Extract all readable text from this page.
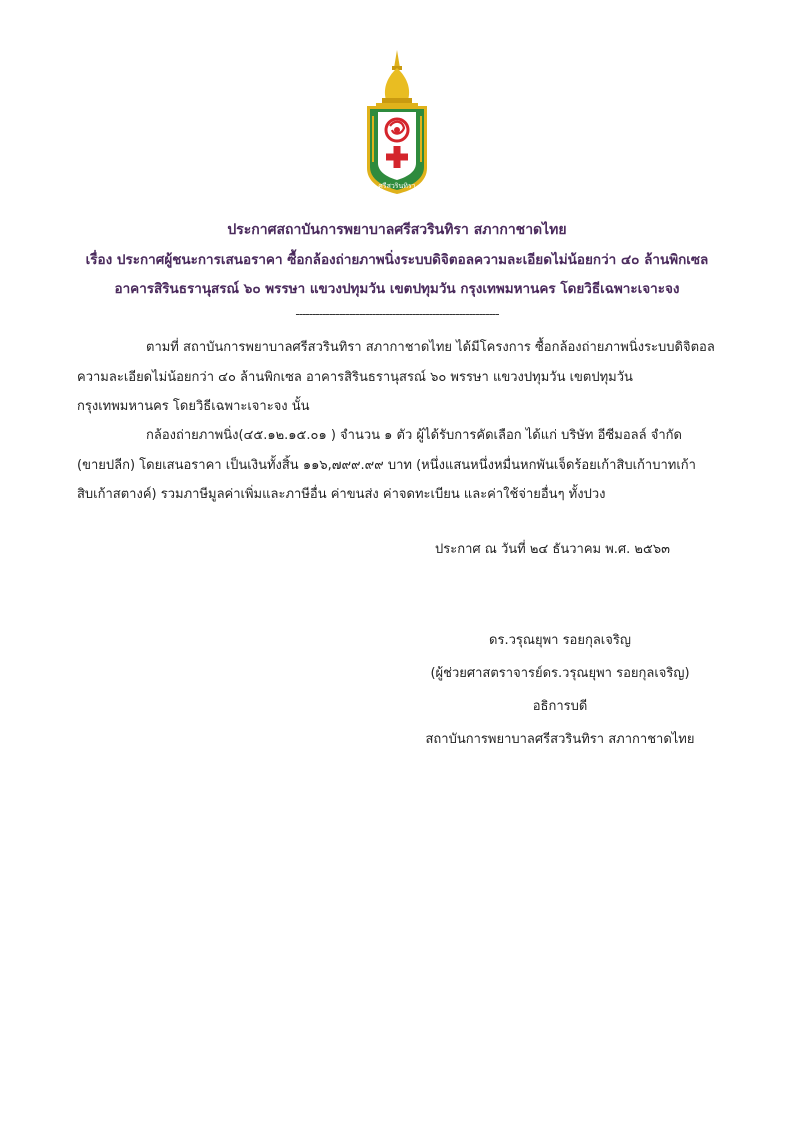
ศรีสวรินทิรา
ประกาศสถาบันการพยาบาลศรีสวรินทิรา สภากาชาดไทย
เรื่อง ประกาศผู้ชนะการเสนอราคา ซื้อกล้องถ่ายภาพนิ่งระบบดิจิตอลความละเอียดไม่น้อยกว่า ๔๐ ล้านพิกเซล
อาคารสิรินธรานุสรณ์ ๖๐ พรรษา แขวงปทุมวัน เขตปทุมวัน กรุงเทพมหานคร โดยวิธีเฉพาะเจาะจง
-------------------------------------------------------------
ตามที่ สถาบันการพยาบาลศรีสวรินทิรา สภากาชาดไทย ได้มีโครงการ ซื้อกล้องถ่ายภาพนิ่งระบบดิจิตอล
ความละเอียดไม่น้อยกว่า ๔๐ ล้านพิกเซล อาคารสิรินธรานุสรณ์ ๖๐ พรรษา แขวงปทุมวัน เขตปทุมวัน
กรุงเทพมหานคร โดยวิธีเฉพาะเจาะจง นั้น
กล้องถ่ายภาพนิ่ง(๔๕.๑๒.๑๕.๐๑ ) จำนวน ๑ ตัว ผู้ได้รับการคัดเลือก ได้แก่ บริษัท อีซีมอลล์ จำกัด
(ขายปลีก) โดยเสนอราคา เป็นเงินทั้งสิ้น ๑๑๖,๗๙๙.๙๙ บาท (หนึ่งแสนหนึ่งหมื่นหกพันเจ็ดร้อยเก้าสิบเก้าบาทเก้า
สิบเก้าสตางค์) รวมภาษีมูลค่าเพิ่มและภาษีอื่น ค่าขนส่ง ค่าจดทะเบียน และค่าใช้จ่ายอื่นๆ ทั้งปวง
ประกาศ ณ วันที่ ๒๔ ธันวาคม พ.ศ. ๒๕๖๓
ดร.วรุณยุพา รอยกุลเจริญ
(ผู้ช่วยศาสตราจารย์ดร.วรุณยุพา รอยกุลเจริญ)
อธิการบดี
สถาบันการพยาบาลศรีสวรินทิรา สภากาชาดไทย
